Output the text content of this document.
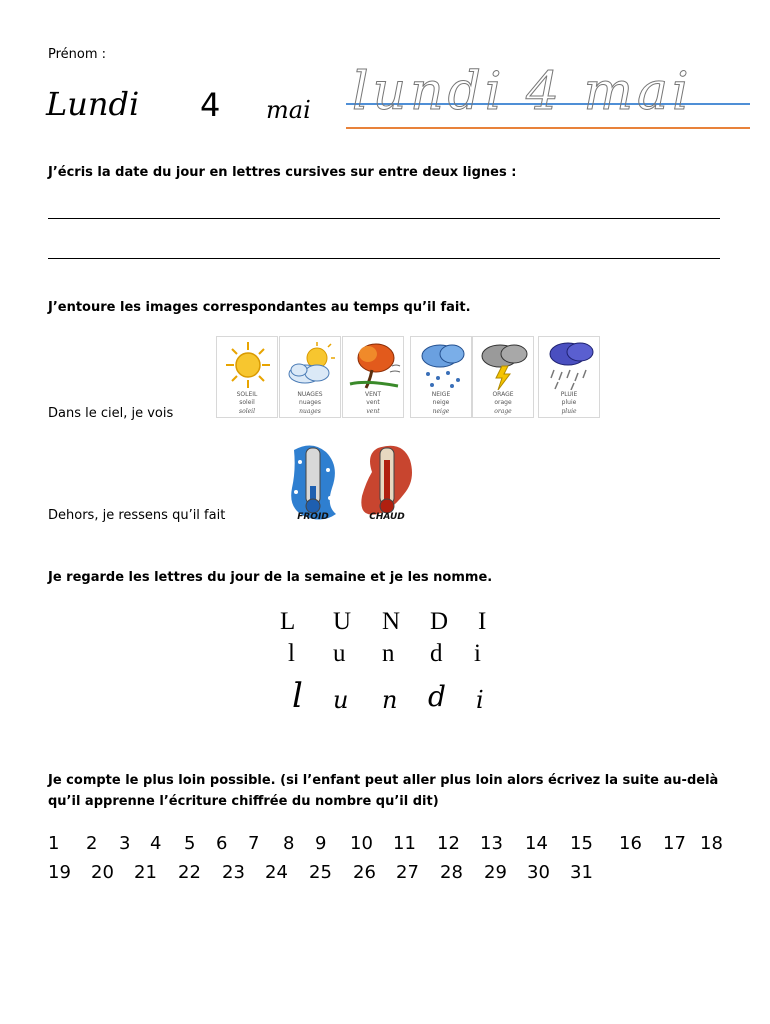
Prénom :
Lundi 4 mai lundi 4 mai
J’écris la date du jour en lettres cursives sur entre deux lignes :
J’entoure les images correspondantes au temps qu’il fait.
Dans le ciel, je vois
SOLEIL
soleil
soleil
NUAGES
nuages
nuages
VENT
vent
vent
NEIGE
neige
neige
ORAGE
orage
orage
PLUIE
pluie
pluie
Dehors, je ressens qu’il fait	FROID	CHAUD
Je regarde les lettres du jour de la semaine et je les nomme.
L U N D I
l u n d i
l u n d i
Je compte le plus loin possible. (si l’enfant peut aller plus loin alors écrivez la suite au-delà
qu’il apprenne l’écriture chiffrée du nombre qu’il dit)
1 2 3 4 5 6 7 8 9 10 11 12 13 14 15 16 17 18
19 20 21 22 23 24 25 26 27 28 29 30 31
